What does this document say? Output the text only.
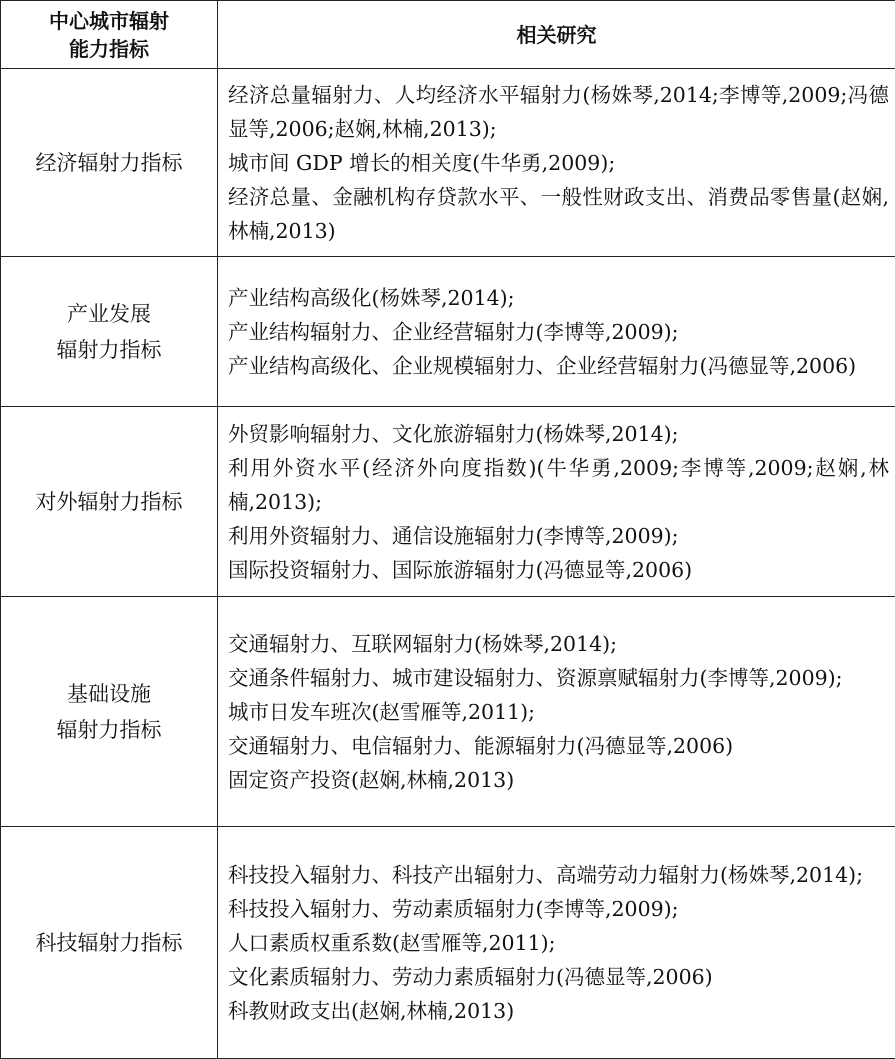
中心城市辐射
能力指标	相关研究

经济辐射力指标	经济总量辐射力、人均经济水平辐射力(杨姝琴,2014;李博等,2009;冯德显等,2006;赵娴,林楠,2013);
城市间 GDP 增长的相关度(牛华勇,2009);
经济总量、金融机构存贷款水平、一般性财政支出、消费品零售量(赵娴,林楠,2013)

产业发展
辐射力指标	产业结构高级化(杨姝琴,2014);
产业结构辐射力、企业经营辐射力(李博等,2009);
产业结构高级化、企业规模辐射力、企业经营辐射力(冯德显等,2006)

对外辐射力指标	外贸影响辐射力、文化旅游辐射力(杨姝琴,2014);
利用外资水平(经济外向度指数)(牛华勇,2009;李博等,2009;赵娴,林楠,2013);
利用外资辐射力、通信设施辐射力(李博等,2009);
国际投资辐射力、国际旅游辐射力(冯德显等,2006)

基础设施
辐射力指标	交通辐射力、互联网辐射力(杨姝琴,2014);
交通条件辐射力、城市建设辐射力、资源禀赋辐射力(李博等,2009);
城市日发车班次(赵雪雁等,2011);
交通辐射力、电信辐射力、能源辐射力(冯德显等,2006)
固定资产投资(赵娴,林楠,2013)

科技辐射力指标	科技投入辐射力、科技产出辐射力、高端劳动力辐射力(杨姝琴,2014);
科技投入辐射力、劳动素质辐射力(李博等,2009);
人口素质权重系数(赵雪雁等,2011);
文化素质辐射力、劳动力素质辐射力(冯德显等,2006)
科教财政支出(赵娴,林楠,2013)
